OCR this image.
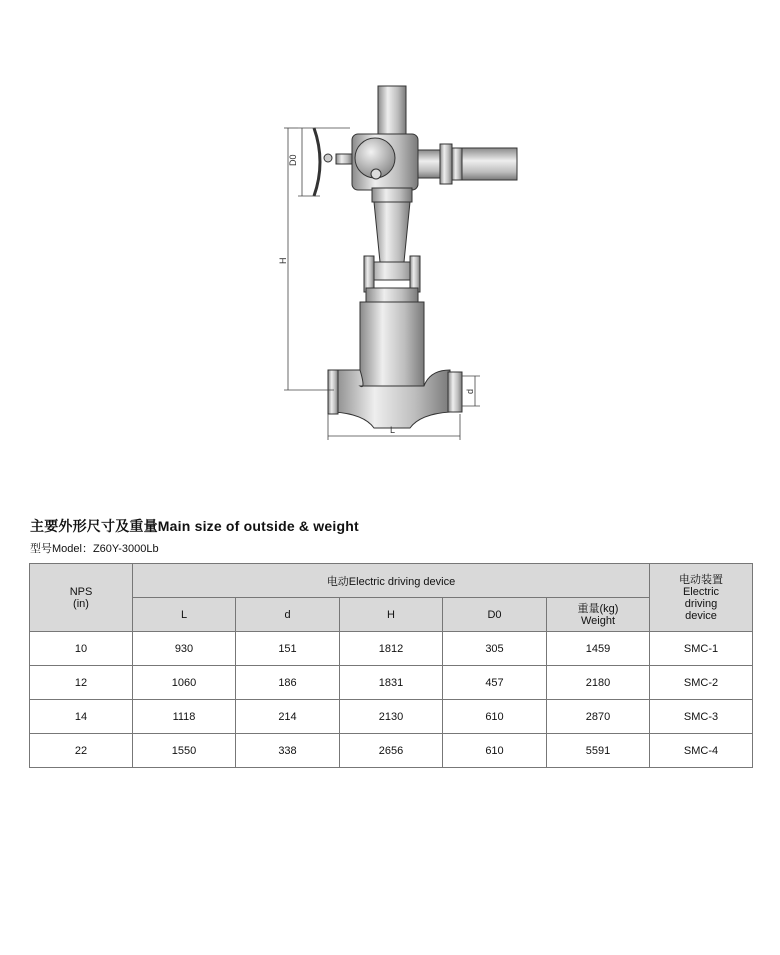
D0
H
d
L
主要外形尺寸及重量Main size of outside & weight
型号Model：Z60Y-3000Lb
NPS
(in)	电动Electric driving device					电动装置
Electric
driving
device

	L	d	H	D0	重量(kg)
Weight	

10	930	151	1812	305	1459	SMC-1
12	1060	186	1831	457	2180	SMC-2
14	1118	214	2130	610	2870	SMC-3
22	1550	338	2656	610	5591	SMC-4
